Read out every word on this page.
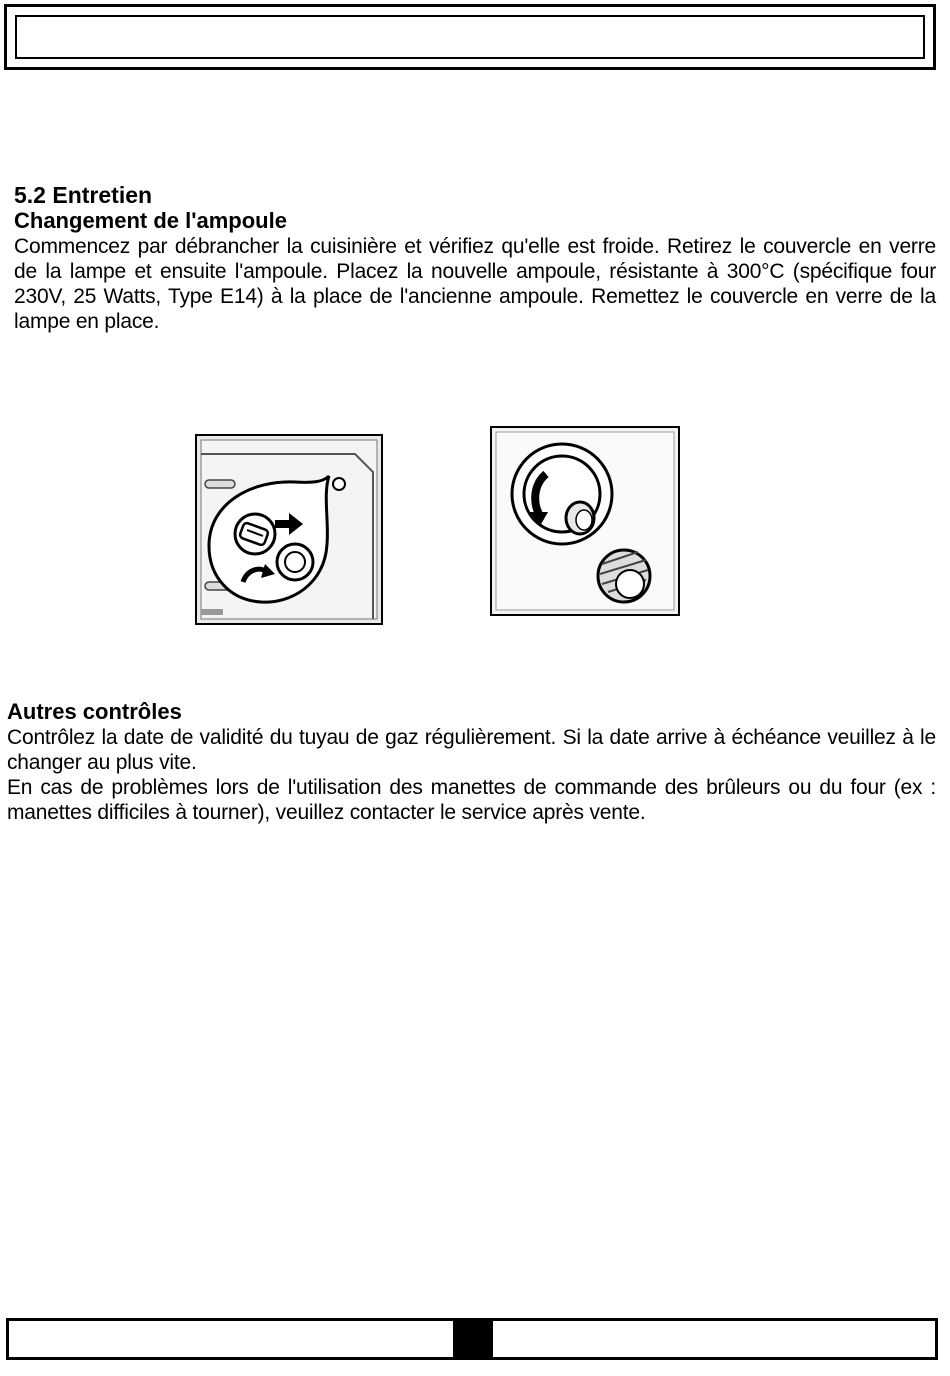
5.2 Entretien
Changement de l'ampoule

Commencez par débrancher la cuisinière et vérifiez qu'elle est froide. Retirez le couvercle en verre de la lampe et ensuite l'ampoule. Placez la nouvelle ampoule, résistante à 300°C (spécifique four 230V, 25 Watts, Type E14) à la place de l'ancienne ampoule. Remettez le couvercle en verre de la lampe en place.

Autres contrôles

Contrôlez la date de validité du tuyau de gaz régulièrement. Si la date arrive à échéance veuillez à le changer au plus vite.

En cas de problèmes lors de l'utilisation des manettes de commande des brûleurs ou du four (ex : manettes difficiles à tourner), veuillez contacter le service après vente.
